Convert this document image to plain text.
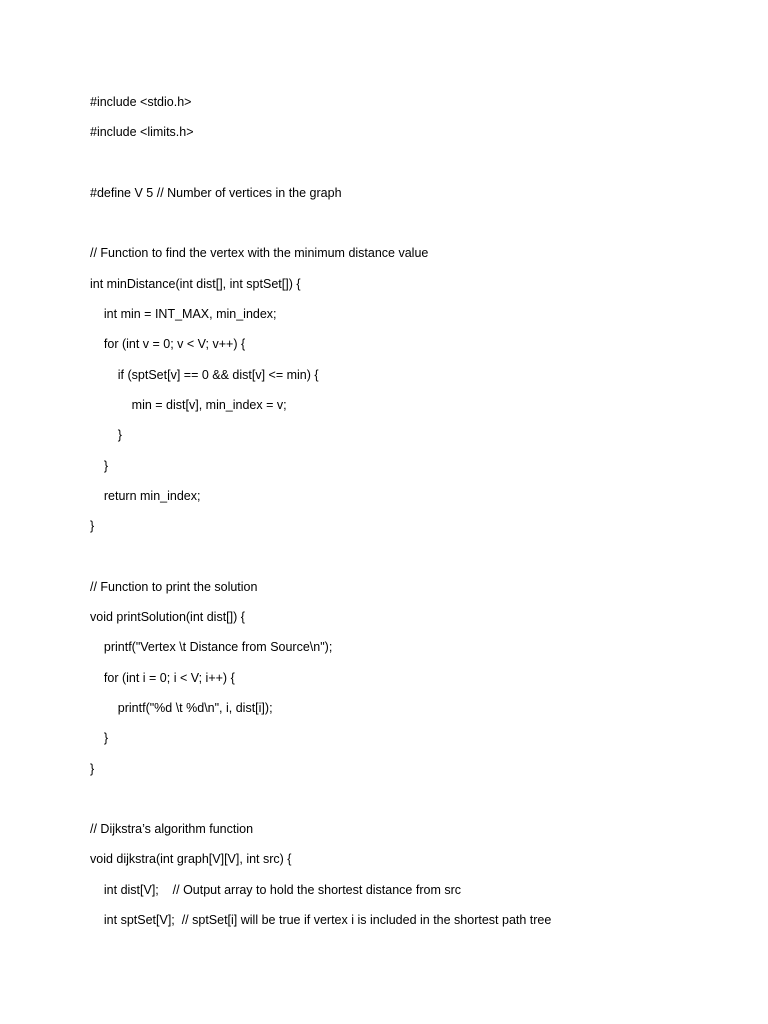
#include <stdio.h>
#include <limits.h>
#define V 5 // Number of vertices in the graph
// Function to find the vertex with the minimum distance value
int minDistance(int dist[], int sptSet[]) {
int min = INT_MAX, min_index;
for (int v = 0; v < V; v++) {
if (sptSet[v] == 0 && dist[v] <= min) {
min = dist[v], min_index = v;
}
}
return min_index;
}
// Function to print the solution
void printSolution(int dist[]) {
printf("Vertex \t Distance from Source\n");
for (int i = 0; i < V; i++) {
printf("%d \t %d\n", i, dist[i]);
}
}
// Dijkstra’s algorithm function
void dijkstra(int graph[V][V], int src) {
int dist[V];    // Output array to hold the shortest distance from src
int sptSet[V];  // sptSet[i] will be true if vertex i is included in the shortest path tree
